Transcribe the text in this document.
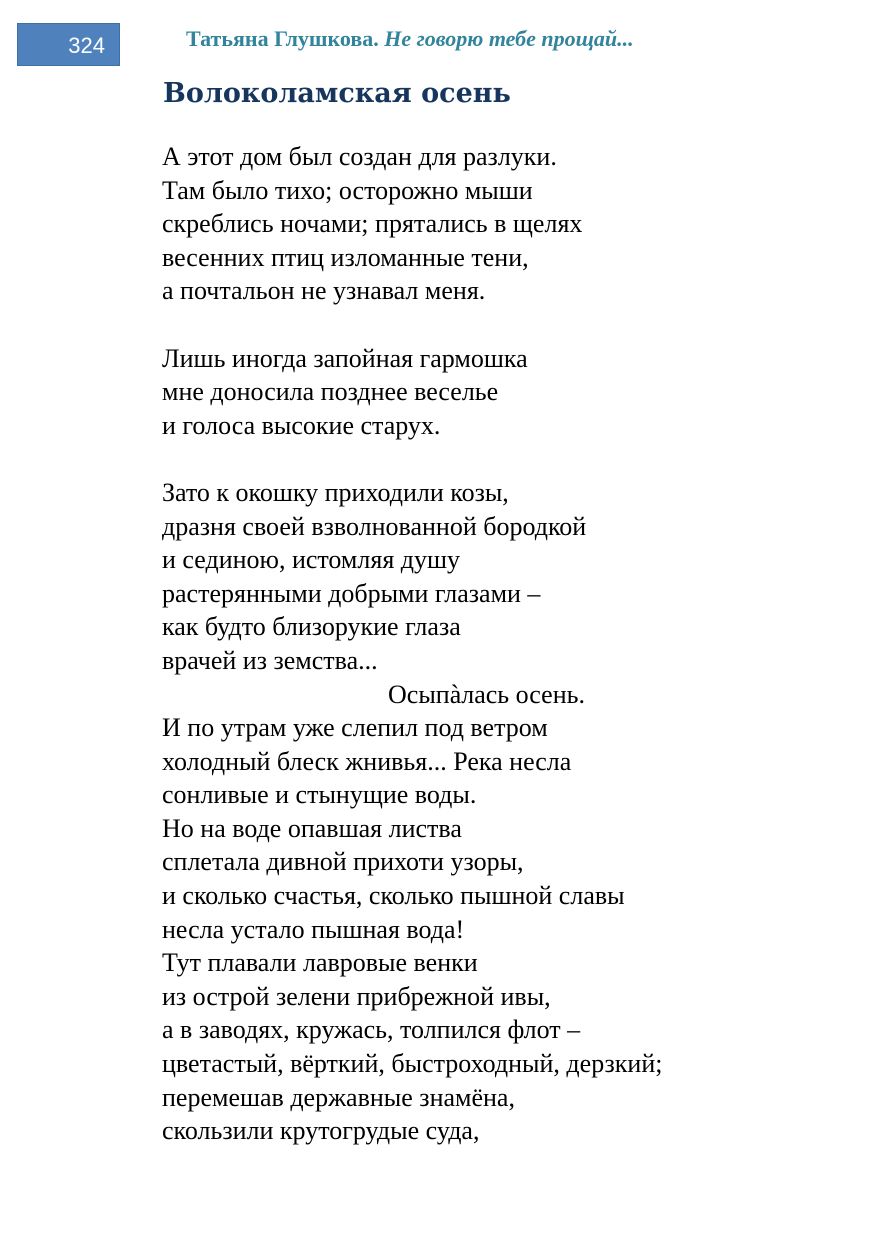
324	Татьяна Глушкова. Не говорю тебе прощай...
Волоколамская осень
А этот дом был создан для разлуки.
Там было тихо; осторожно мыши
скреблись ночами; прятались в щелях
весенних птиц изломанные тени,
а почтальон не узнавал меня.
Лишь иногда запойная гармошка
мне доносила позднее веселье
и голоса высокие старух.
Зато к окошку приходили козы,
дразня своей взволнованной бородкой
и сединою, истомляя душу
растерянными добрыми глазами –
как будто близорукие глаза
врачей из земства...
Осыпàлась осень.
И по утрам уже слепил под ветром
холодный блеск жнивья... Река несла
сонливые и стынущие воды.
Но на воде опавшая листва
сплетала дивной прихоти узоры,
и сколько счастья, сколько пышной славы
несла устало пышная вода!
Тут плавали лавровые венки
из острой зелени прибрежной ивы,
а в заводях, кружась, толпился флот –
цветастый, вёрткий, быстроходный, дерзкий;
перемешав державные знамёна,
скользили крутогрудые суда,
